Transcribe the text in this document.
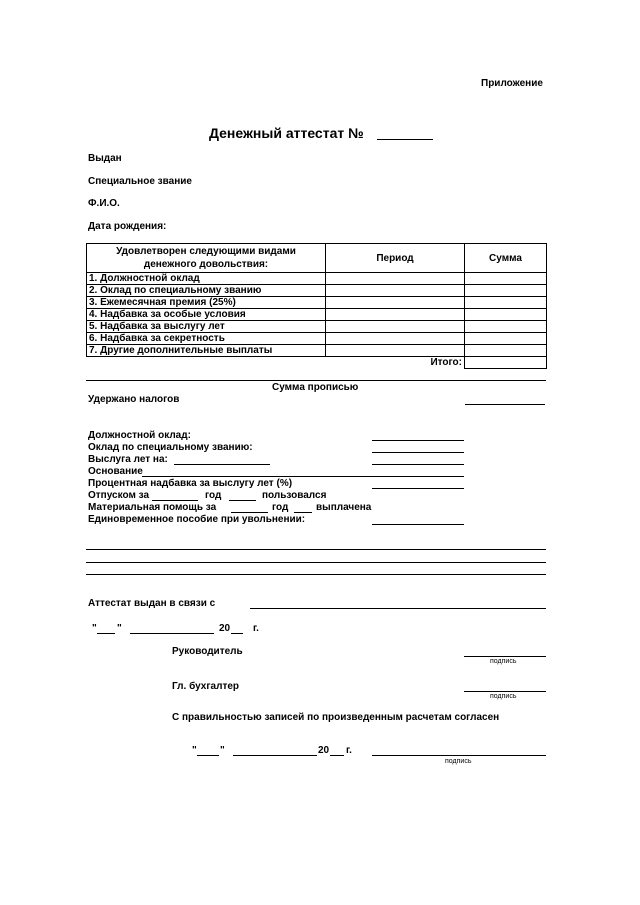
Приложение
Денежный аттестат №
Выдан
Специальное звание
Ф.И.О.
Дата рождения:
Удовлетворен следующими видами денежного довольствия:	Период	Сумма
1. Должностной оклад		
2. Оклад по специальному званию		
3. Ежемесячная премия (25%)		
4. Надбавка за особые условия		
5. Надбавка за выслугу лет		
6. Надбавка за секретность		
7. Другие дополнительные выплаты		
Итого:		
Сумма прописью
Удержано налогов
Должностной оклад:
Оклад по специальному званию:
Выслуга лет на:
Основание
Процентная надбавка за выслугу лет (%)
Отпуском за	год	пользовался
Материальная помощь за	год	выплачена
Единовременное пособие при увольнении:
Аттестат выдан в связи с
" "	20 г.
Руководитель
подпись
Гл. бухгалтер
подпись
С правильностью записей по произведенным расчетам согласен
" "	20 г.
подпись
